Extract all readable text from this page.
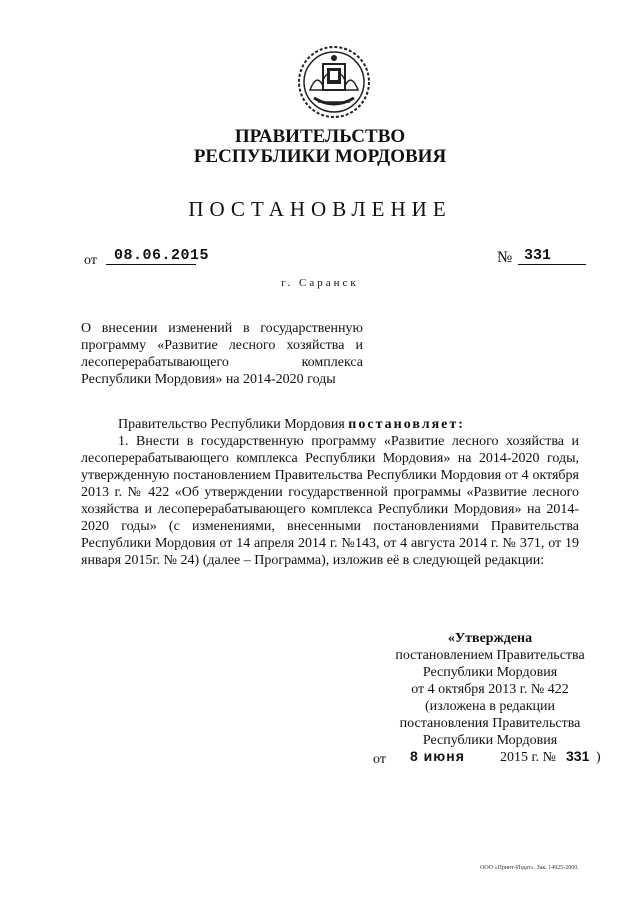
ПРАВИТЕЛЬСТВО
РЕСПУБЛИКИ МОРДОВИЯ
ПОСТАНОВЛЕНИЕ
от	08.06.2015	№ 331
г. Саранск
О внесении изменений в государственную
программу «Развитие лесного хозяйства и
лесоперерабатывающего комплекса
Республики Мордовия» на 2014-2020 годы
Правительство Республики Мордовия постановляет:
1. Внести в государственную программу «Развитие лесного хозяйства и
лесоперерабатывающего комплекса Республики Мордовия» на 2014-2020 годы,
утвержденную постановлением Правительства Республики Мордовия от 4 октября
2013 г. № 422 «Об утверждении государственной программы «Развитие лесного
хозяйства и лесоперерабатывающего комплекса Республики Мордовия» на 2014-
2020 годы» (с изменениями, внесенными постановлениями Правительства
Республики Мордовия от 14 апреля 2014 г. №143, от 4 августа 2014 г. № 371, от 19
января 2015г. № 24) (далее – Программа), изложив её в следующей редакции:
«Утверждена
постановлением Правительства
Республики Мордовия
от 4 октября 2013 г. № 422
(изложена в редакции
постановления Правительства
Республики Мордовия
от 8 июня	2015 г. № 331 )
ООО «Принт-Издат». Зак. 14925-2000.
